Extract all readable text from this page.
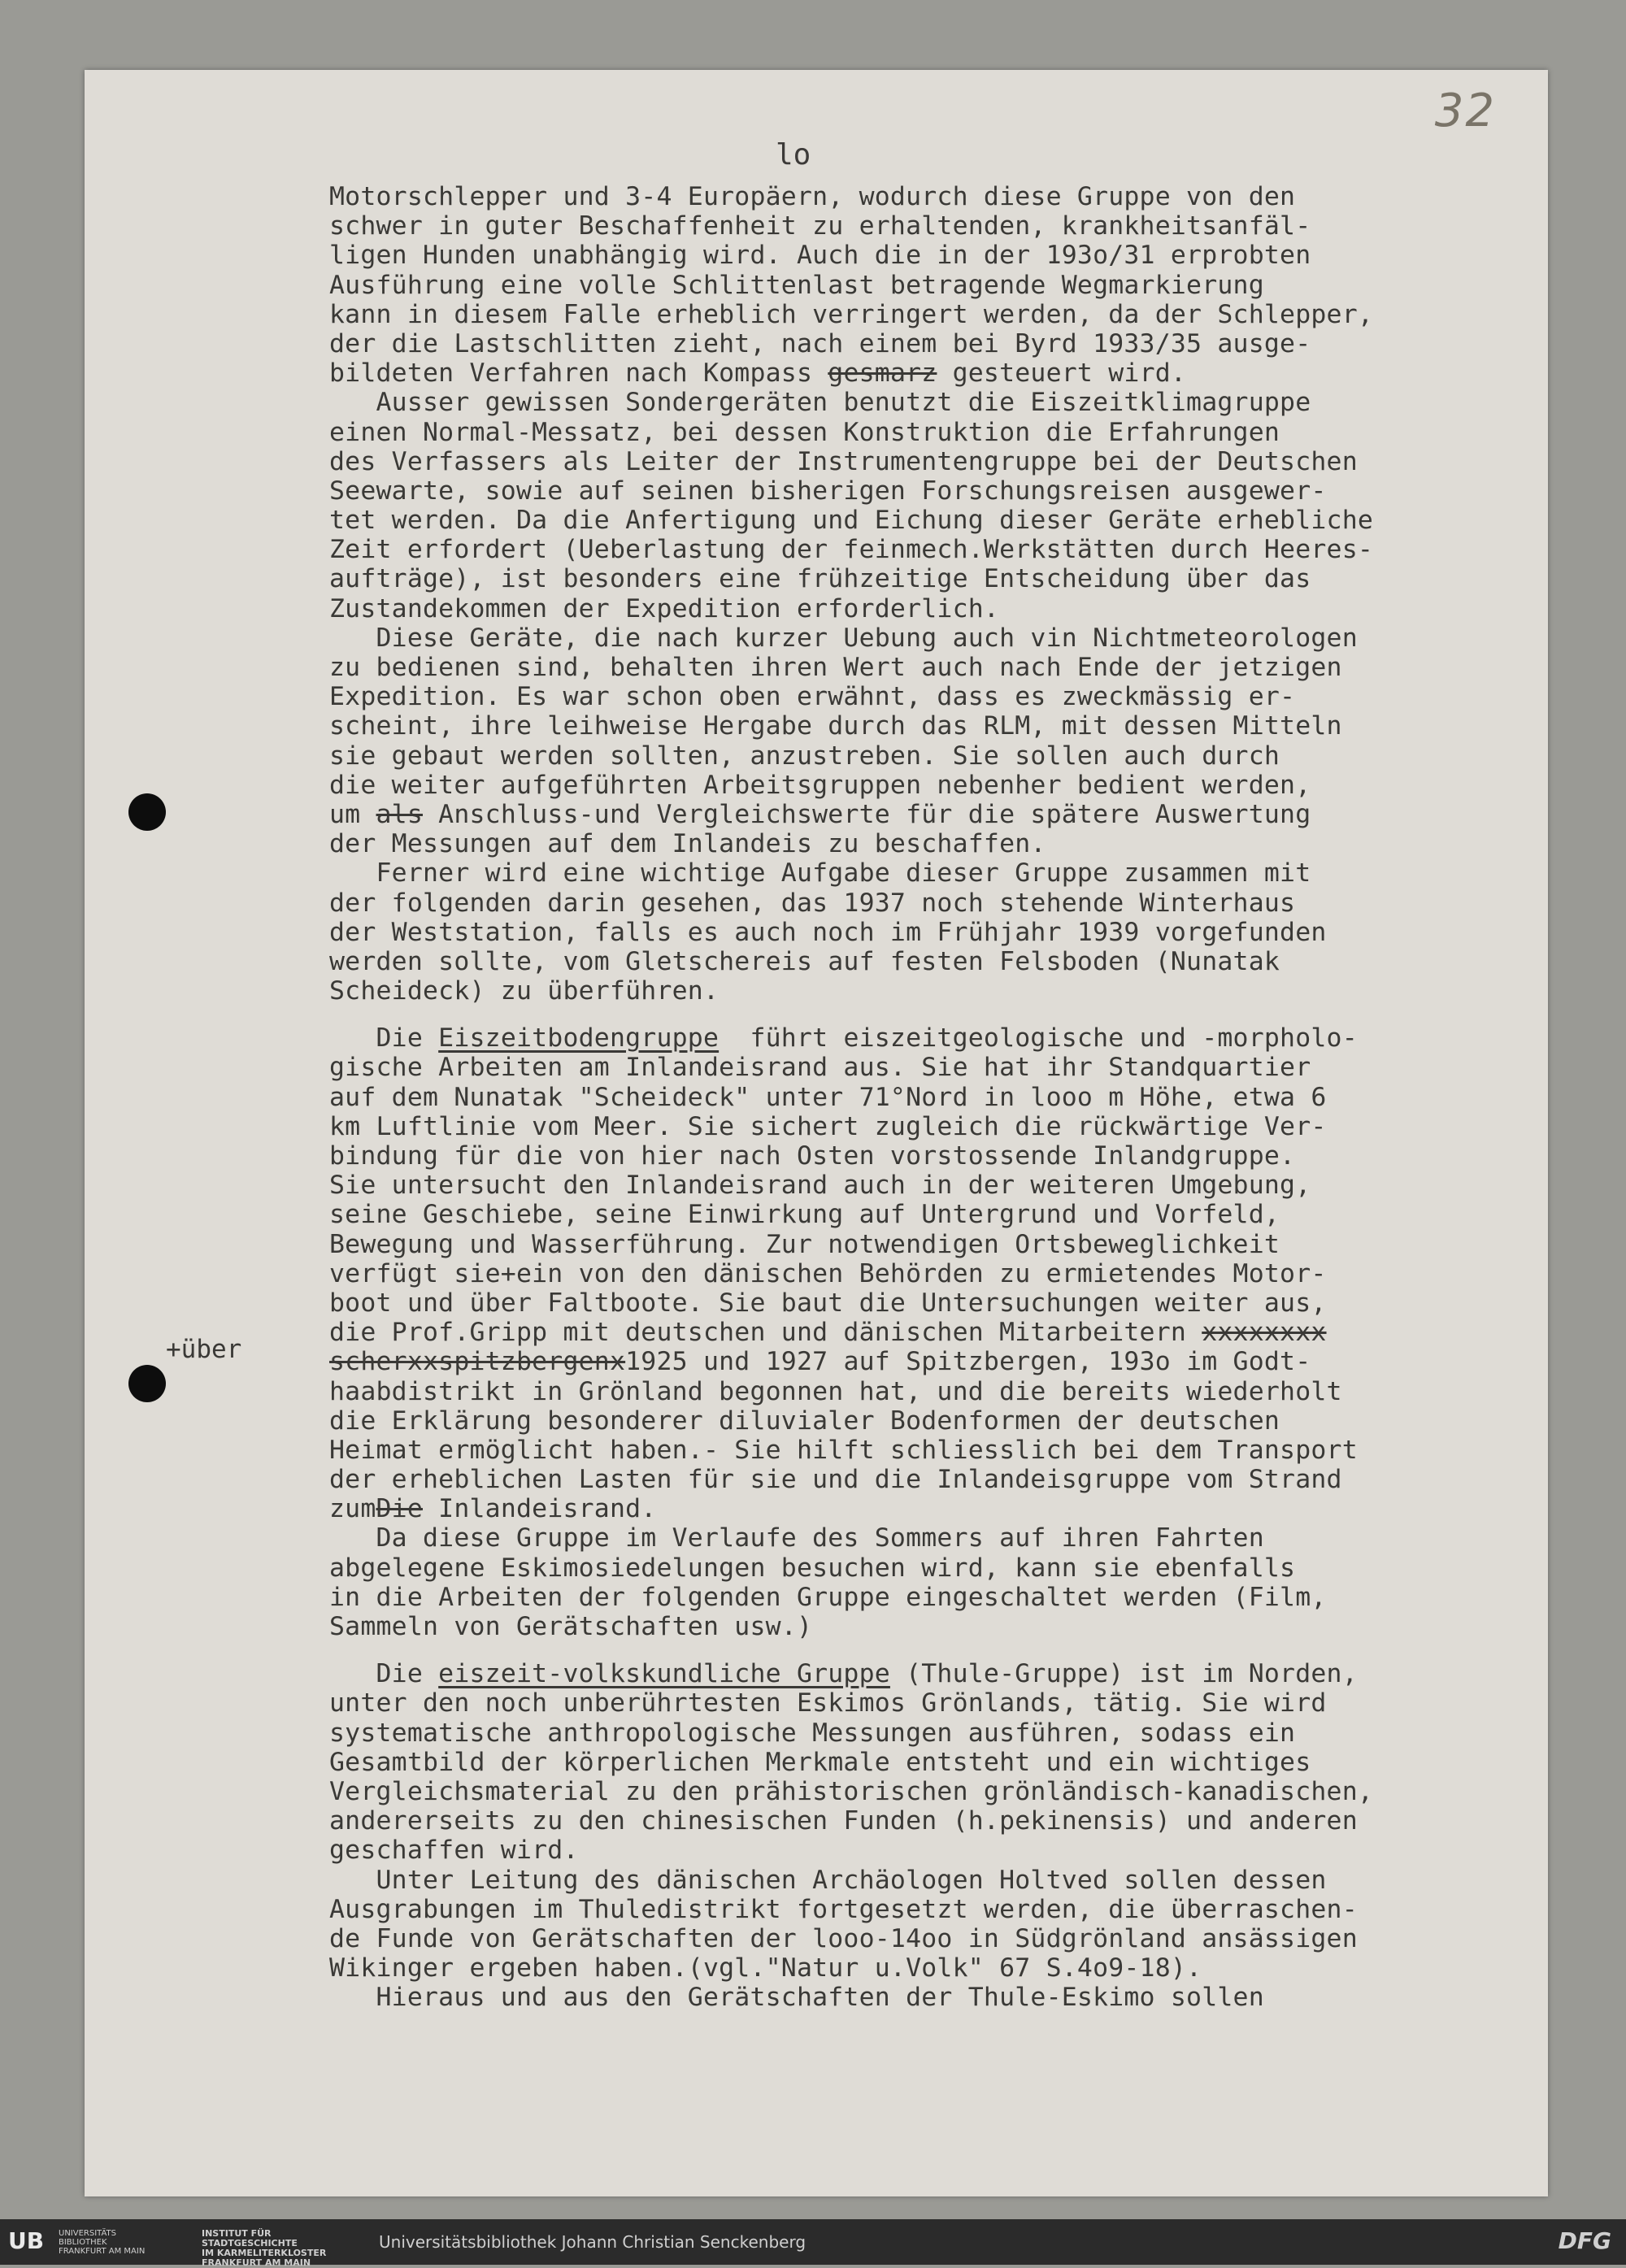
32
lo
+über
Motorschlepper und 3-4 Europäern, wodurch diese Gruppe von den
schwer in guter Beschaffenheit zu erhaltenden, krankheitsanfäl-
ligen Hunden unabhängig wird. Auch die in der 193o/31 erprobten
Ausführung eine volle Schlittenlast betragende Wegmarkierung
kann in diesem Falle erheblich verringert werden, da der Schlepper,
der die Lastschlitten zieht, nach einem bei Byrd 1933/35 ausge-
bildeten Verfahren nach Kompass gesmarz gesteuert wird.
Ausser gewissen Sondergeräten benutzt die Eiszeitklimagruppe
einen Normal-Messatz, bei dessen Konstruktion die Erfahrungen
des Verfassers als Leiter der Instrumentengruppe bei der Deutschen
Seewarte, sowie auf seinen bisherigen Forschungsreisen ausgewer-
tet werden. Da die Anfertigung und Eichung dieser Geräte erhebliche
Zeit erfordert (Ueberlastung der feinmech.Werkstätten durch Heeres-
aufträge), ist besonders eine frühzeitige Entscheidung über das
Zustandekommen der Expedition erforderlich.
Diese Geräte, die nach kurzer Uebung auch vin Nichtmeteorologen
zu bedienen sind, behalten ihren Wert auch nach Ende der jetzigen
Expedition. Es war schon oben erwähnt, dass es zweckmässig er-
scheint, ihre leihweise Hergabe durch das RLM, mit dessen Mitteln
sie gebaut werden sollten, anzustreben. Sie sollen auch durch
die weiter aufgeführten Arbeitsgruppen nebenher bedient werden,
um als Anschluss-und Vergleichswerte für die spätere Auswertung
der Messungen auf dem Inlandeis zu beschaffen.
Ferner wird eine wichtige Aufgabe dieser Gruppe zusammen mit
der folgenden darin gesehen, das 1937 noch stehende Winterhaus
der Weststation, falls es auch noch im Frühjahr 1939 vorgefunden
werden sollte, vom Gletschereis auf festen Felsboden (Nunatak
Scheideck) zu überführen.
Die Eiszeitbodengruppe  führt eiszeitgeologische und -morpholo-
gische Arbeiten am Inlandeisrand aus. Sie hat ihr Standquartier
auf dem Nunatak "Scheideck" unter 71°Nord in looo m Höhe, etwa 6
km Luftlinie vom Meer. Sie sichert zugleich die rückwärtige Ver-
bindung für die von hier nach Osten vorstossende Inlandgruppe.
Sie untersucht den Inlandeisrand auch in der weiteren Umgebung,
seine Geschiebe, seine Einwirkung auf Untergrund und Vorfeld,
Bewegung und Wasserführung. Zur notwendigen Ortsbeweglichkeit
verfügt sie+ein von den dänischen Behörden zu ermietendes Motor-
boot und über Faltboote. Sie baut die Untersuchungen weiter aus,
die Prof.Gripp mit deutschen und dänischen Mitarbeitern xxxxxxxx
scherxxspitzbergenx1925 und 1927 auf Spitzbergen, 193o im Godt-
haabdistrikt in Grönland begonnen hat, und die bereits wiederholt
die Erklärung besonderer diluvialer Bodenformen der deutschen
Heimat ermöglicht haben.- Sie hilft schliesslich bei dem Transport
der erheblichen Lasten für sie und die Inlandeisgruppe vom Strand
zumDie Inlandeisrand.
Da diese Gruppe im Verlaufe des Sommers auf ihren Fahrten
abgelegene Eskimosiedelungen besuchen wird, kann sie ebenfalls
in die Arbeiten der folgenden Gruppe eingeschaltet werden (Film,
Sammeln von Gerätschaften usw.)
Die eiszeit-volkskundliche Gruppe (Thule-Gruppe) ist im Norden,
unter den noch unberührtesten Eskimos Grönlands, tätig. Sie wird
systematische anthropologische Messungen ausführen, sodass ein
Gesamtbild der körperlichen Merkmale entsteht und ein wichtiges
Vergleichsmaterial zu den prähistorischen grönländisch-kanadischen,
andererseits zu den chinesischen Funden (h.pekinensis) und anderen
geschaffen wird.
Unter Leitung des dänischen Archäologen Holtved sollen dessen
Ausgrabungen im Thuledistrikt fortgesetzt werden, die überraschen-
de Funde von Gerätschaften der looo-14oo in Südgrönland ansässigen
Wikinger ergeben haben.(vgl."Natur u.Volk" 67 S.4o9-18).
Hieraus und aus den Gerätschaften der Thule-Eskimo sollen
UB UNIVERSITÄTS
BIBLIOTHEK
FRANKFURT AM MAIN
INSTITUT FÜR
STADTGESCHICHTE
IM KARMELITERKLOSTER
FRANKFURT AM MAIN
Universitätsbibliothek Johann Christian Senckenberg	DFG
